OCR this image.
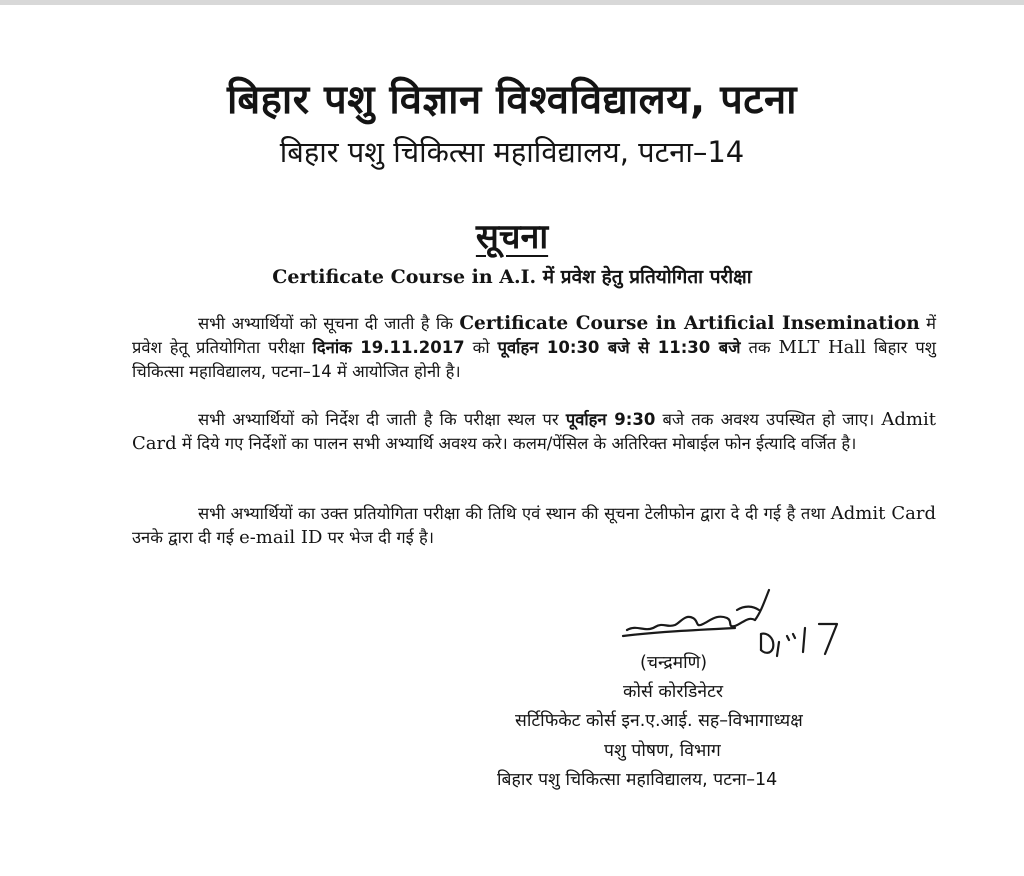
बिहार पशु विज्ञान विश्वविद्यालय, पटना
बिहार पशु चिकित्सा महाविद्यालय, पटना–14
सूचना
Certificate Course in A.I. में प्रवेश हेतु प्रतियोगिता परीक्षा
सभी अभ्यार्थियों को सूचना दी जाती है कि Certificate Course in Artificial Insemination में प्रवेश हेतू प्रतियोगिता परीक्षा दिनांक 19.11.2017 को पूर्वाहन 10:30 बजे से 11:30 बजे तक MLT Hall बिहार पशु चिकित्सा महाविद्यालय, पटना–14 में आयोजित होनी है।
सभी अभ्यार्थियों को निर्देश दी जाती है कि परीक्षा स्थल पर पूर्वाहन 9:30 बजे तक अवश्य उपस्थित हो जाए। Admit Card में दिये गए निर्देशों का पालन सभी अभ्यार्थि अवश्य करे। कलम/पेंसिल के अतिरिक्त मोबाईल फोन ईत्यादि वर्जित है।
सभी अभ्यार्थियों का उक्त प्रतियोगिता परीक्षा की तिथि एवं स्थान की सूचना टेलीफोन द्वारा दे दी गई है तथा Admit Card उनके द्वारा दी गई e-mail ID पर भेज दी गई है।
(चन्द्रमणि)
कोर्स कोरडिनेटर
सर्टिफिकेट कोर्स इन.ए.आई. सह–विभागाध्यक्ष
पशु पोषण, विभाग
बिहार पशु चिकित्सा महाविद्यालय, पटना–14
